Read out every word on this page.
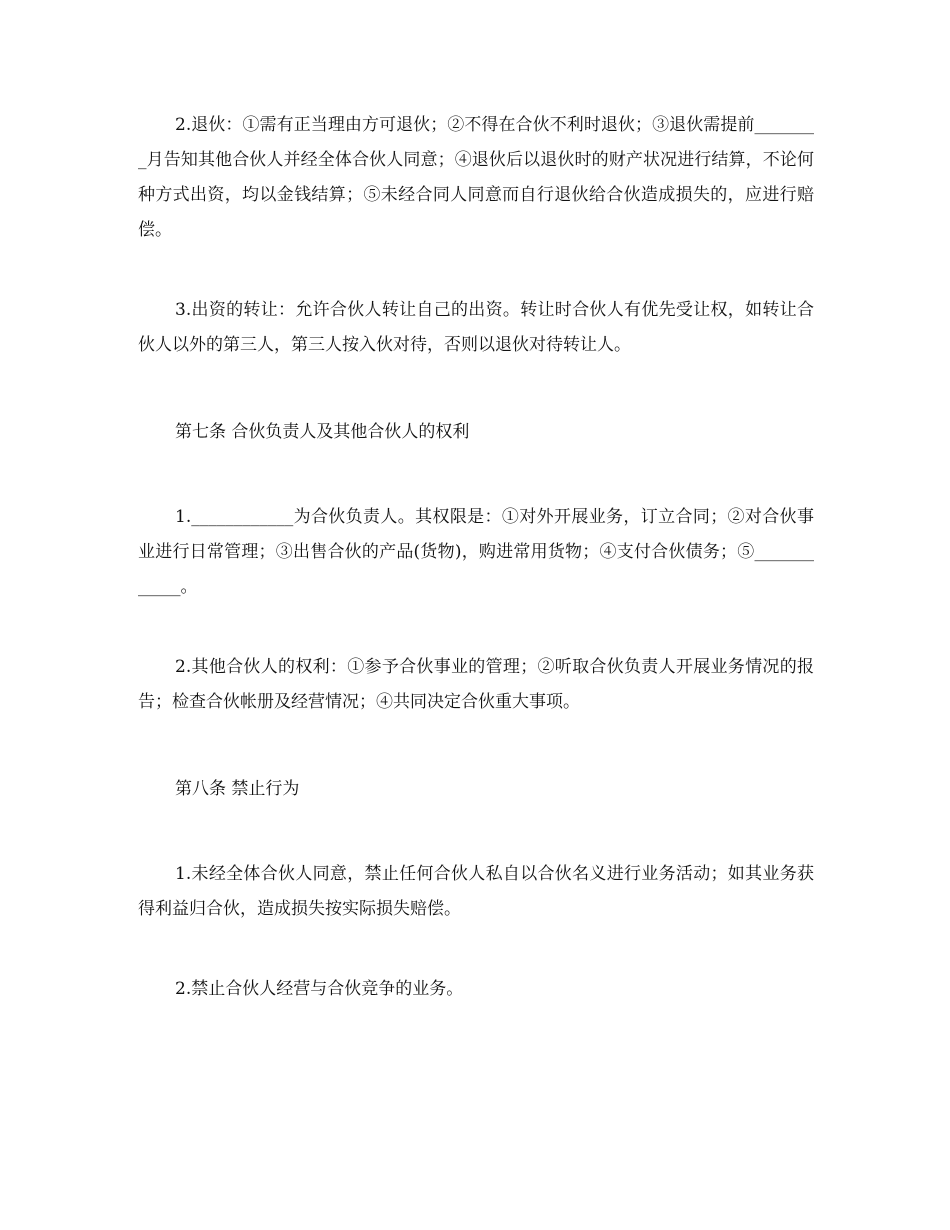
2.退伙：①需有正当理由方可退伙；②不得在合伙不利时退伙；③退伙需提前________月告知其他合伙人并经全体合伙人同意；④退伙后以退伙时的财产状况进行结算，不论何种方式出资，均以金钱结算；⑤未经合同人同意而自行退伙给合伙造成损失的，应进行赔偿。

3.出资的转让：允许合伙人转让自己的出资。转让时合伙人有优先受让权，如转让合伙人以外的第三人，第三人按入伙对待，否则以退伙对待转让人。

第七条 合伙负责人及其他合伙人的权利

1.____________为合伙负责人。其权限是：①对外开展业务，订立合同；②对合伙事业进行日常管理；③出售合伙的产品(货物)，购进常用货物；④支付合伙债务；⑤____________。

2.其他合伙人的权利：①参予合伙事业的管理；②听取合伙负责人开展业务情况的报告；检查合伙帐册及经营情况；④共同决定合伙重大事项。

第八条 禁止行为

1.未经全体合伙人同意，禁止任何合伙人私自以合伙名义进行业务活动；如其业务获得利益归合伙，造成损失按实际损失赔偿。

2.禁止合伙人经营与合伙竞争的业务。
